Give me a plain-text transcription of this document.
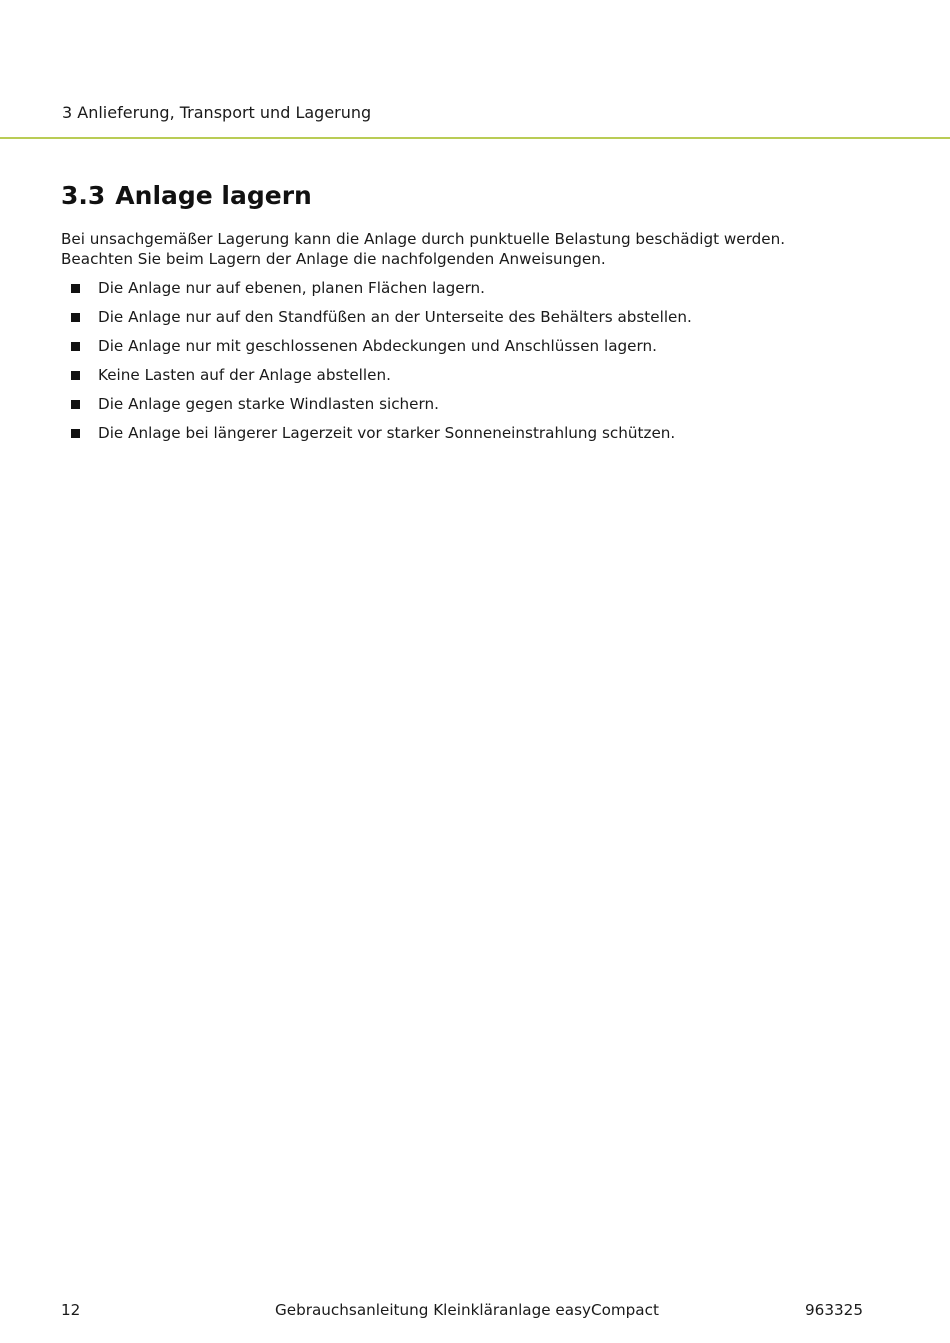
3 Anlieferung, Transport und Lagerung
3.3 Anlage lagern

Bei unsachgemäßer Lagerung kann die Anlage durch punktuelle Belastung beschädigt werden. Beachten Sie beim Lagern der Anlage die nachfolgenden Anweisungen.

Die Anlage nur auf ebenen, planen Flächen lagern.
Die Anlage nur auf den Standfüßen an der Unterseite des Behälters abstellen.
Die Anlage nur mit geschlossenen Abdeckungen und Anschlüssen lagern.
Keine Lasten auf der Anlage abstellen.
Die Anlage gegen starke Windlasten sichern.
Die Anlage bei längerer Lagerzeit vor starker Sonneneinstrahlung schützen.
12	Gebrauchsanleitung Kleinkläranlage easyCompact	963325
